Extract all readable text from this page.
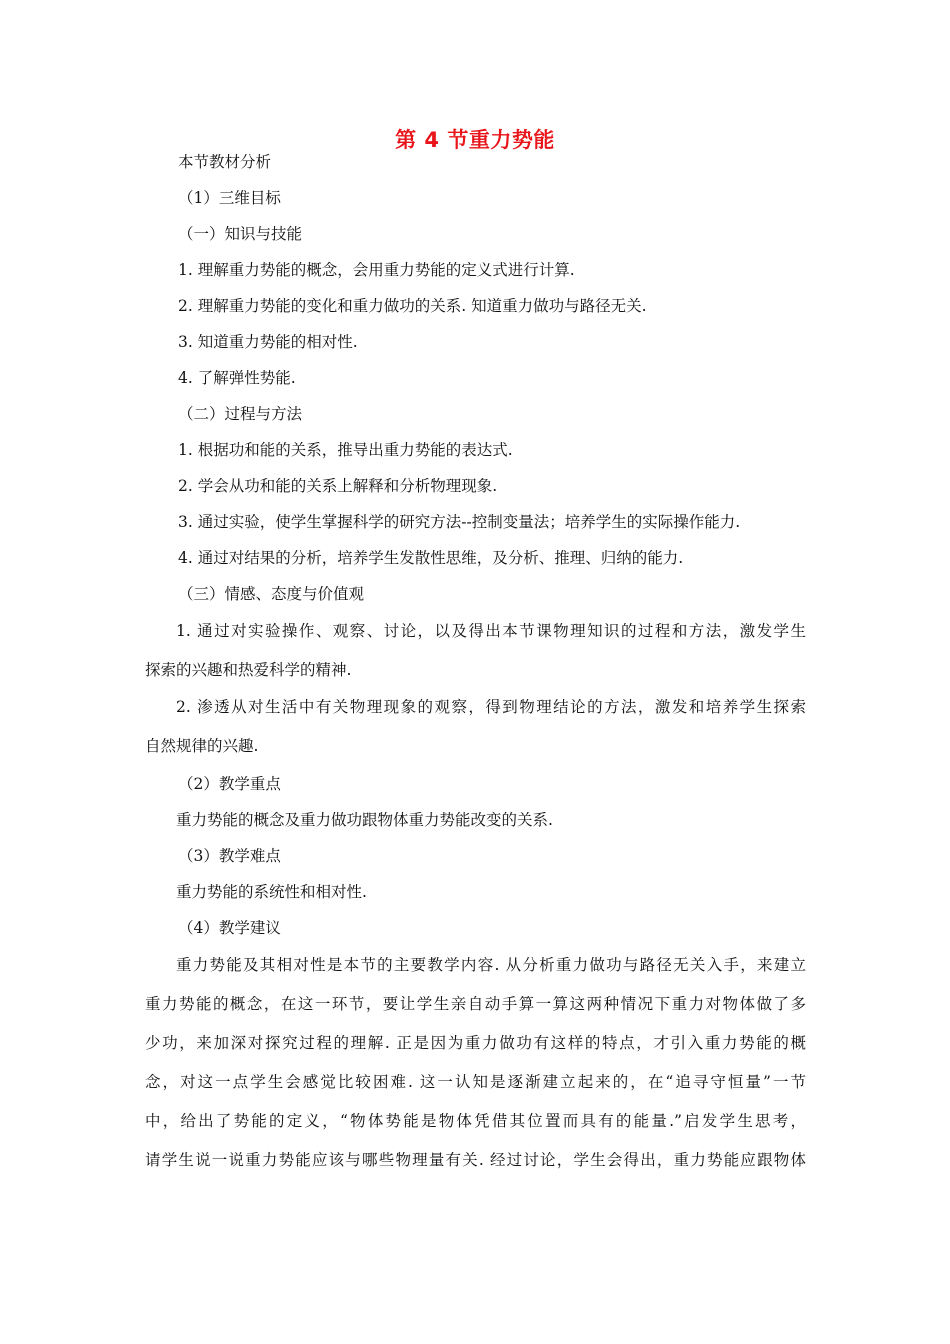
第 4 节重力势能
本节教材分析
（1）三维目标
（一）知识与技能
1. 理解重力势能的概念，会用重力势能的定义式进行计算.
2. 理解重力势能的变化和重力做功的关系. 知道重力做功与路径无关.
3. 知道重力势能的相对性.
4. 了解弹性势能.
（二）过程与方法
1. 根据功和能的关系，推导出重力势能的表达式.
2. 学会从功和能的关系上解释和分析物理现象.
3. 通过实验，使学生掌握科学的研究方法--控制变量法；培养学生的实际操作能力.
4. 通过对结果的分析，培养学生发散性思维，及分析、推理、归纳的能力.
（三）情感、态度与价值观
1. 通过对实验操作、观察、讨论，以及得出本节课物理知识的过程和方法，激发学生
探索的兴趣和热爱科学的精神.
2. 渗透从对生活中有关物理现象的观察，得到物理结论的方法，激发和培养学生探索
自然规律的兴趣.
（2）教学重点
重力势能的概念及重力做功跟物体重力势能改变的关系.
（3）教学难点
重力势能的系统性和相对性.
（4）教学建议
重力势能及其相对性是本节的主要教学内容. 从分析重力做功与路径无关入手，来建立
重力势能的概念，在这一环节，要让学生亲自动手算一算这两种情况下重力对物体做了多
少功，来加深对探究过程的理解. 正是因为重力做功有这样的特点，才引入重力势能的概
念，对这一点学生会感觉比较困难. 这一认知是逐渐建立起来的，在“追寻守恒量”一节
中，给出了势能的定义，“物体势能是物体凭借其位置而具有的能量.”启发学生思考，
请学生说一说重力势能应该与哪些物理量有关. 经过讨论，学生会得出，重力势能应跟物体
